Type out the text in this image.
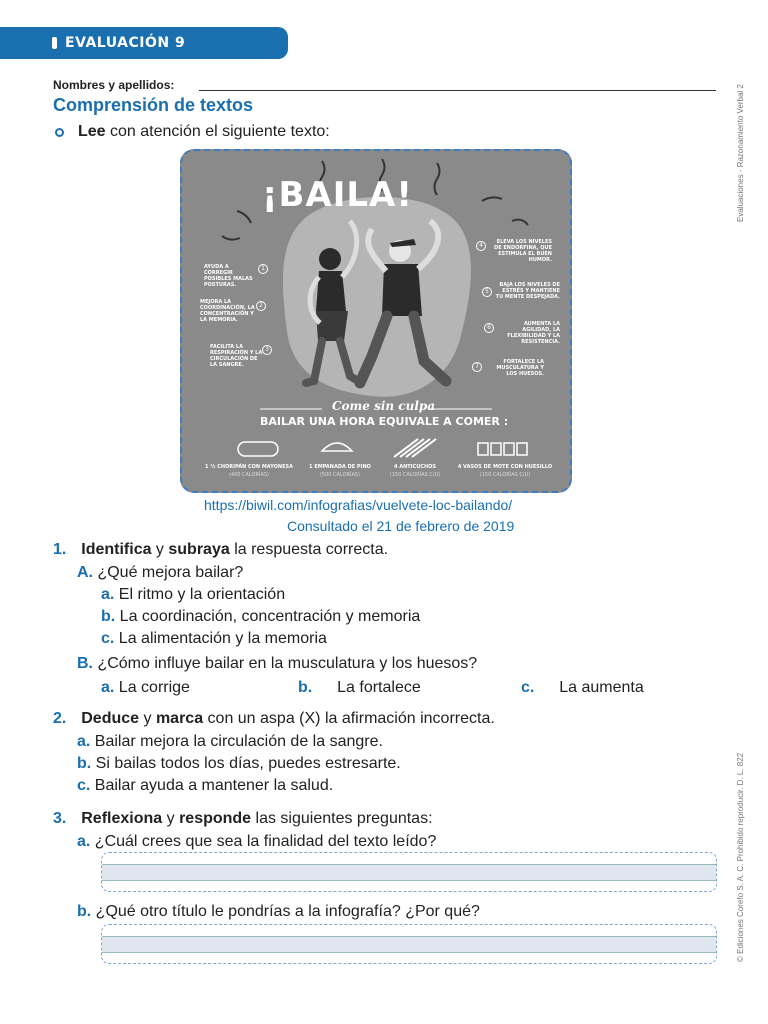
EVALUACIÓN 9
Evaluaciones - Razonamiento Verbal 2
© Ediciones Corefo S. A. C. Prohibido reproducir. D. L. 822
Nombres y apellidos:
Comprensión de textos
Lee con atención el siguiente texto:
¡BAILA!
AYUDA A CORREGIR POSIBLES MALAS POSTURAS.
1
MEJORA LA COORDINACIÓN, LA CONCENTRACIÓN Y LA MEMORIA.
2
FACILITA LA RESPIRACIÓN Y LA CIRCULACIÓN DE LA SANGRE.
3
4	ELEVA LOS NIVELES DE ENDORFINA, QUE ESTIMULA EL BUEN HUMOR.
5
BAJA LOS NIVELES DE ESTRÉS Y MANTIENE TU MENTE DESPEJADA.
6	AUMENTA LA AGILIDAD, LA FLEXIBILIDAD Y LA RESISTENCIA.
7
FORTALECE LA MUSCULATURA Y LOS HUESOS.
Come sin culpa
BAILAR UNA HORA EQUIVALE A COMER :
1 ½ CHORIPÁN CON MAYONESA
(400 CALORÍAS)
1 EMPANADA DE PINO
(500 CALORÍAS)
4 ANTICUCHOS
(150 CALORÍAS C/U)
4 VASOS DE MOTE CON HUESILLO
(150 CALORÍAS C/U)
https://biwil.com/infografias/vuelvete-loc-bailando/
Consultado el 21 de febrero de 2019
1. Identifica y subraya la respuesta correcta.
A. ¿Qué mejora bailar?
a. El ritmo y la orientación
b. La coordinación, concentración y memoria
c. La alimentación y la memoria
B. ¿Cómo influye bailar en la musculatura y los huesos?
a. La corrige	b. La fortalece	c. La aumenta
2. Deduce y marca con un aspa (X) la afirmación incorrecta.
a. Bailar mejora la circulación de la sangre.
b. Si bailas todos los días, puedes estresarte.
c. Bailar ayuda a mantener la salud.
3. Reflexiona y responde las siguientes preguntas:
a. ¿Cuál crees que sea la finalidad del texto leído?
b. ¿Qué otro título le pondrías a la infografía? ¿Por qué?
